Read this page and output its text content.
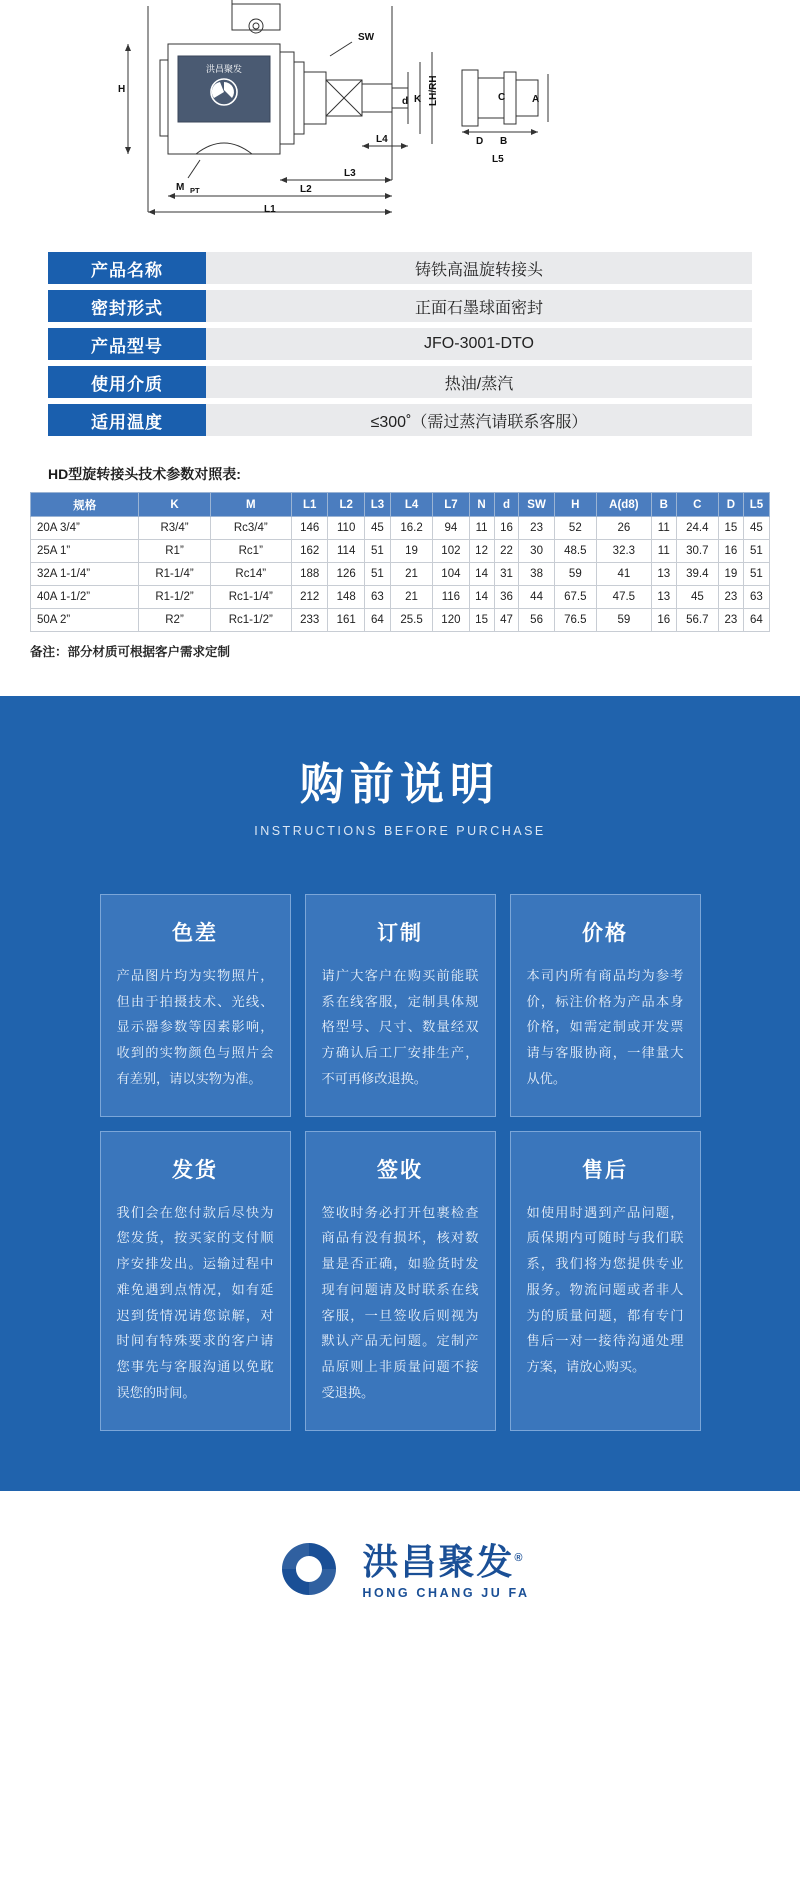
洪昌聚发
H
SW
d K LH/RH	A
C
D B
L5
L4
L3
L2
L1
M PT
产品名称	铸铁高温旋转接头
密封形式	正面石墨球面密封
产品型号	JFO-3001-DTO
使用介质	热油/蒸汽
适用温度	≤300˚（需过蒸汽请联系客服）
HD型旋转接头技术参数对照表:
规格	K	M	L1	L2	L3	L4	L7	N	d	SW	H	A(d8)	B	C	D	L5
20A 3/4”	R3/4”	Rc3/4”	146	110	45	16.2	94	11	16	23	52	26	11	24.4	15	45
25A 1”	R1”	Rc1”	162	114	51	19	102	12	22	30	48.5	32.3	11	30.7	16	51
32A 1-1/4”	R1-1/4”	Rc14”	188	126	51	21	104	14	31	38	59	41	13	39.4	19	51
40A 1-1/2”	R1-1/2”	Rc1-1/4”	212	148	63	21	116	14	36	44	67.5	47.5	13	45	23	63
50A 2”	R2”	Rc1-1/2”	233	161	64	25.5	120	15	47	56	76.5	59	16	56.7	23	64
备注：部分材质可根据客户需求定制
购前说明
INSTRUCTIONS BEFORE PURCHASE
色差
产品图片均为实物照片，但由于拍摄技术、光线、显示器参数等因素影响，收到的实物颜色与照片会有差别，请以实物为准。
订制
请广大客户在购买前能联系在线客服，定制具体规格型号、尺寸、数量经双方确认后工厂安排生产，不可再修改退换。
价格
本司内所有商品均为参考价，标注价格为产品本身价格，如需定制或开发票请与客服协商，一律量大从优。
发货
我们会在您付款后尽快为您发货，按买家的支付顺序安排发出。运输过程中难免遇到点情况，如有延迟到货情况请您谅解，对时间有特殊要求的客户请您事先与客服沟通以免耽误您的时间。
签收
签收时务必打开包裹检查商品有没有损坏，核对数量是否正确，如验货时发现有问题请及时联系在线客服，一旦签收后则视为默认产品无问题。定制产品原则上非质量问题不接受退换。
售后
如使用时遇到产品问题，质保期内可随时与我们联系，我们将为您提供专业服务。物流问题或者非人为的质量问题，都有专门售后一对一接待沟通处理方案，请放心购买。
洪昌聚发®
HONG CHANG JU FA
